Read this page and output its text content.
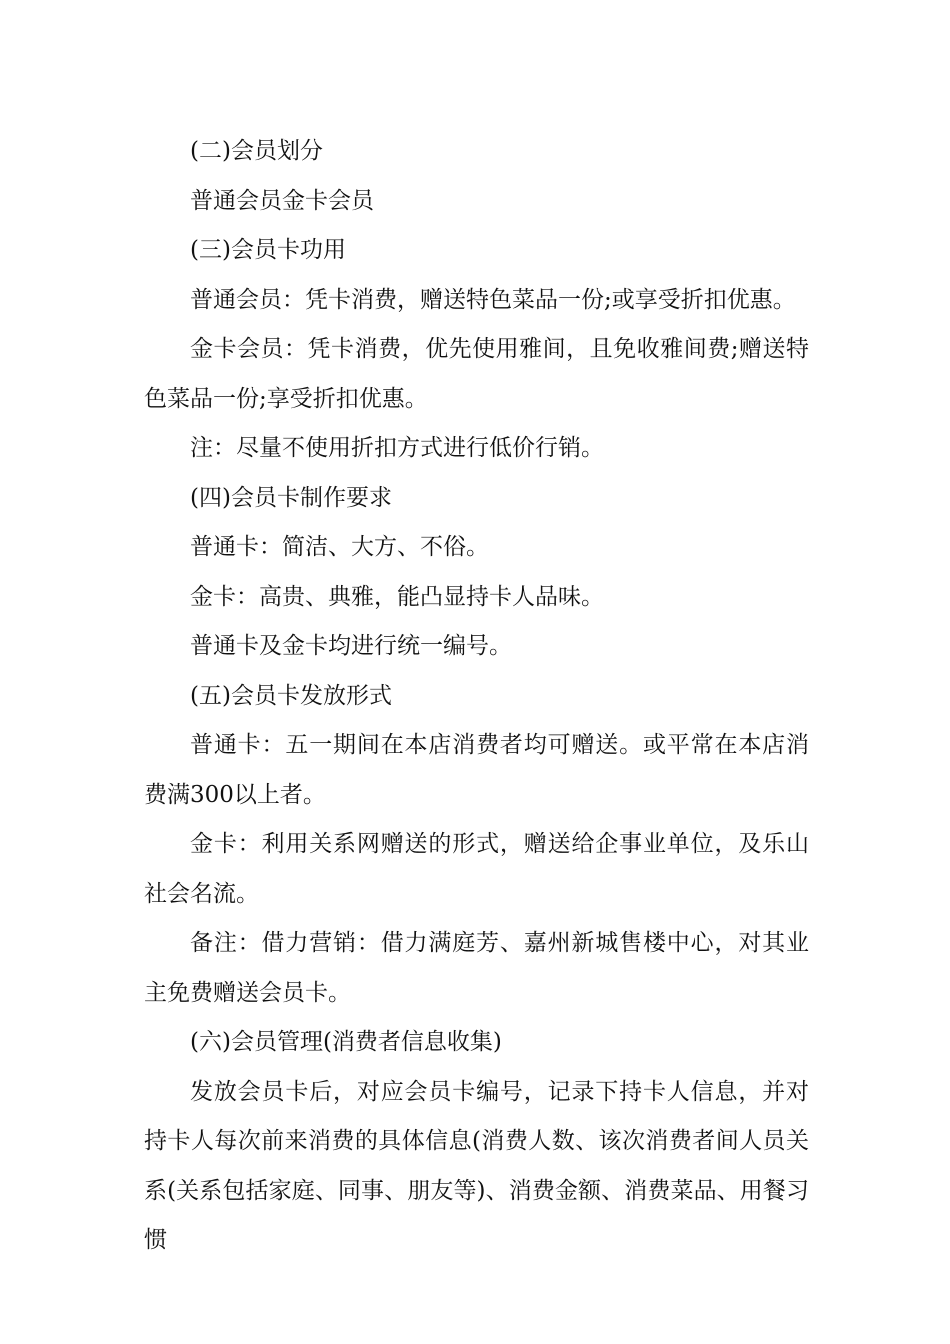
(二)会员划分

普通会员金卡会员

(三)会员卡功用

普通会员：凭卡消费，赠送特色菜品一份;或享受折扣优惠。

金卡会员：凭卡消费，优先使用雅间，且免收雅间费;赠送特色菜品一份;享受折扣优惠。

注：尽量不使用折扣方式进行低价行销。

(四)会员卡制作要求

普通卡：简洁、大方、不俗。

金卡：高贵、典雅，能凸显持卡人品味。

普通卡及金卡均进行统一编号。

(五)会员卡发放形式

普通卡：五一期间在本店消费者均可赠送。或平常在本店消费满300以上者。

金卡：利用关系网赠送的形式，赠送给企事业单位，及乐山社会名流。

备注：借力营销：借力满庭芳、嘉州新城售楼中心，对其业主免费赠送会员卡。

(六)会员管理(消费者信息收集)

发放会员卡后，对应会员卡编号，记录下持卡人信息，并对持卡人每次前来消费的具体信息(消费人数、该次消费者间人员关系(关系包括家庭、同事、朋友等)、消费金额、消费菜品、用餐习惯
